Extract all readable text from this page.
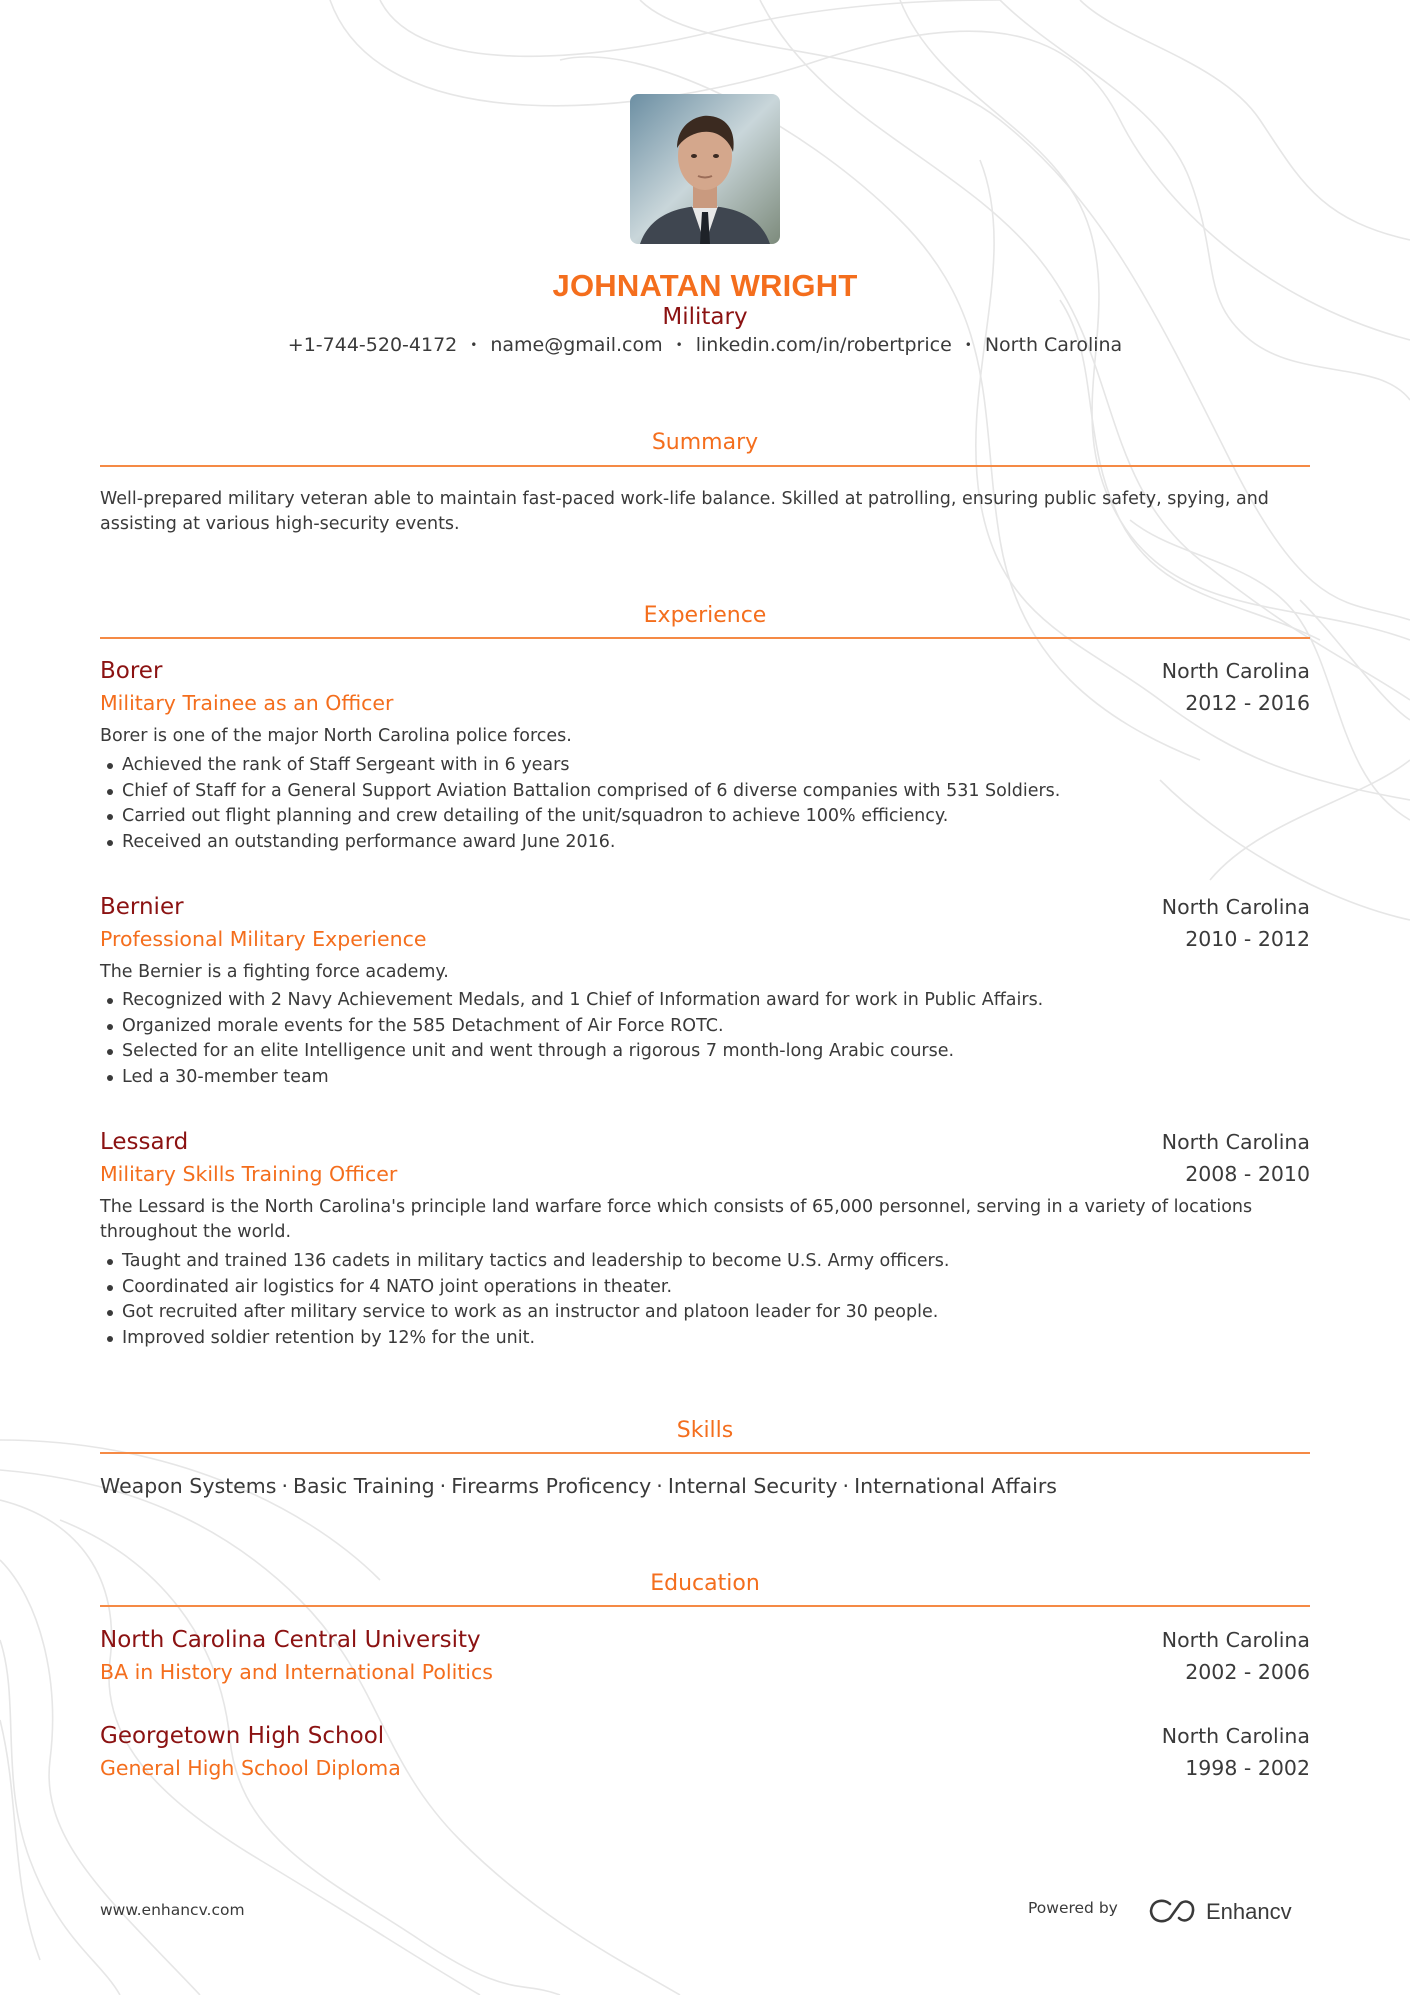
JOHNATAN WRIGHT
Military
+1-744-520-4172 • name@gmail.com • linkedin.com/in/robertprice • North Carolina
Summary
Well-prepared military veteran able to maintain fast-paced work-life balance. Skilled at patrolling, ensuring public safety, spying, and assisting at various high-security events.
Experience
Borer	North Carolina
Military Trainee as an Officer	2012 - 2016
Borer is one of the major North Carolina police forces.
Achieved the rank of Staff Sergeant with in 6 years
Chief of Staff for a General Support Aviation Battalion comprised of 6 diverse companies with 531 Soldiers.
Carried out flight planning and crew detailing of the unit/squadron to achieve 100% efficiency.
Received an outstanding performance award June 2016.
Bernier	North Carolina
Professional Military Experience	2010 - 2012
The Bernier is a fighting force academy.
Recognized with 2 Navy Achievement Medals, and 1 Chief of Information award for work in Public Affairs.
Organized morale events for the 585 Detachment of Air Force ROTC.
Selected for an elite Intelligence unit and went through a rigorous 7 month-long Arabic course.
Led a 30-member team
Lessard	North Carolina
Military Skills Training Officer	2008 - 2010
The Lessard is the North Carolina's principle land warfare force which consists of 65,000 personnel, serving in a variety of locations throughout the world.
Taught and trained 136 cadets in military tactics and leadership to become U.S. Army officers.
Coordinated air logistics for 4 NATO joint operations in theater.
Got recruited after military service to work as an instructor and platoon leader for 30 people.
Improved soldier retention by 12% for the unit.
Skills
Weapon Systems · Basic Training · Firearms Proficency · Internal Security · International Affairs
Education
North Carolina Central University	North Carolina
BA in History and International Politics	2002 - 2006
Georgetown High School	North Carolina
General High School Diploma	1998 - 2002
www.enhancv.com	Powered by	Enhancv
